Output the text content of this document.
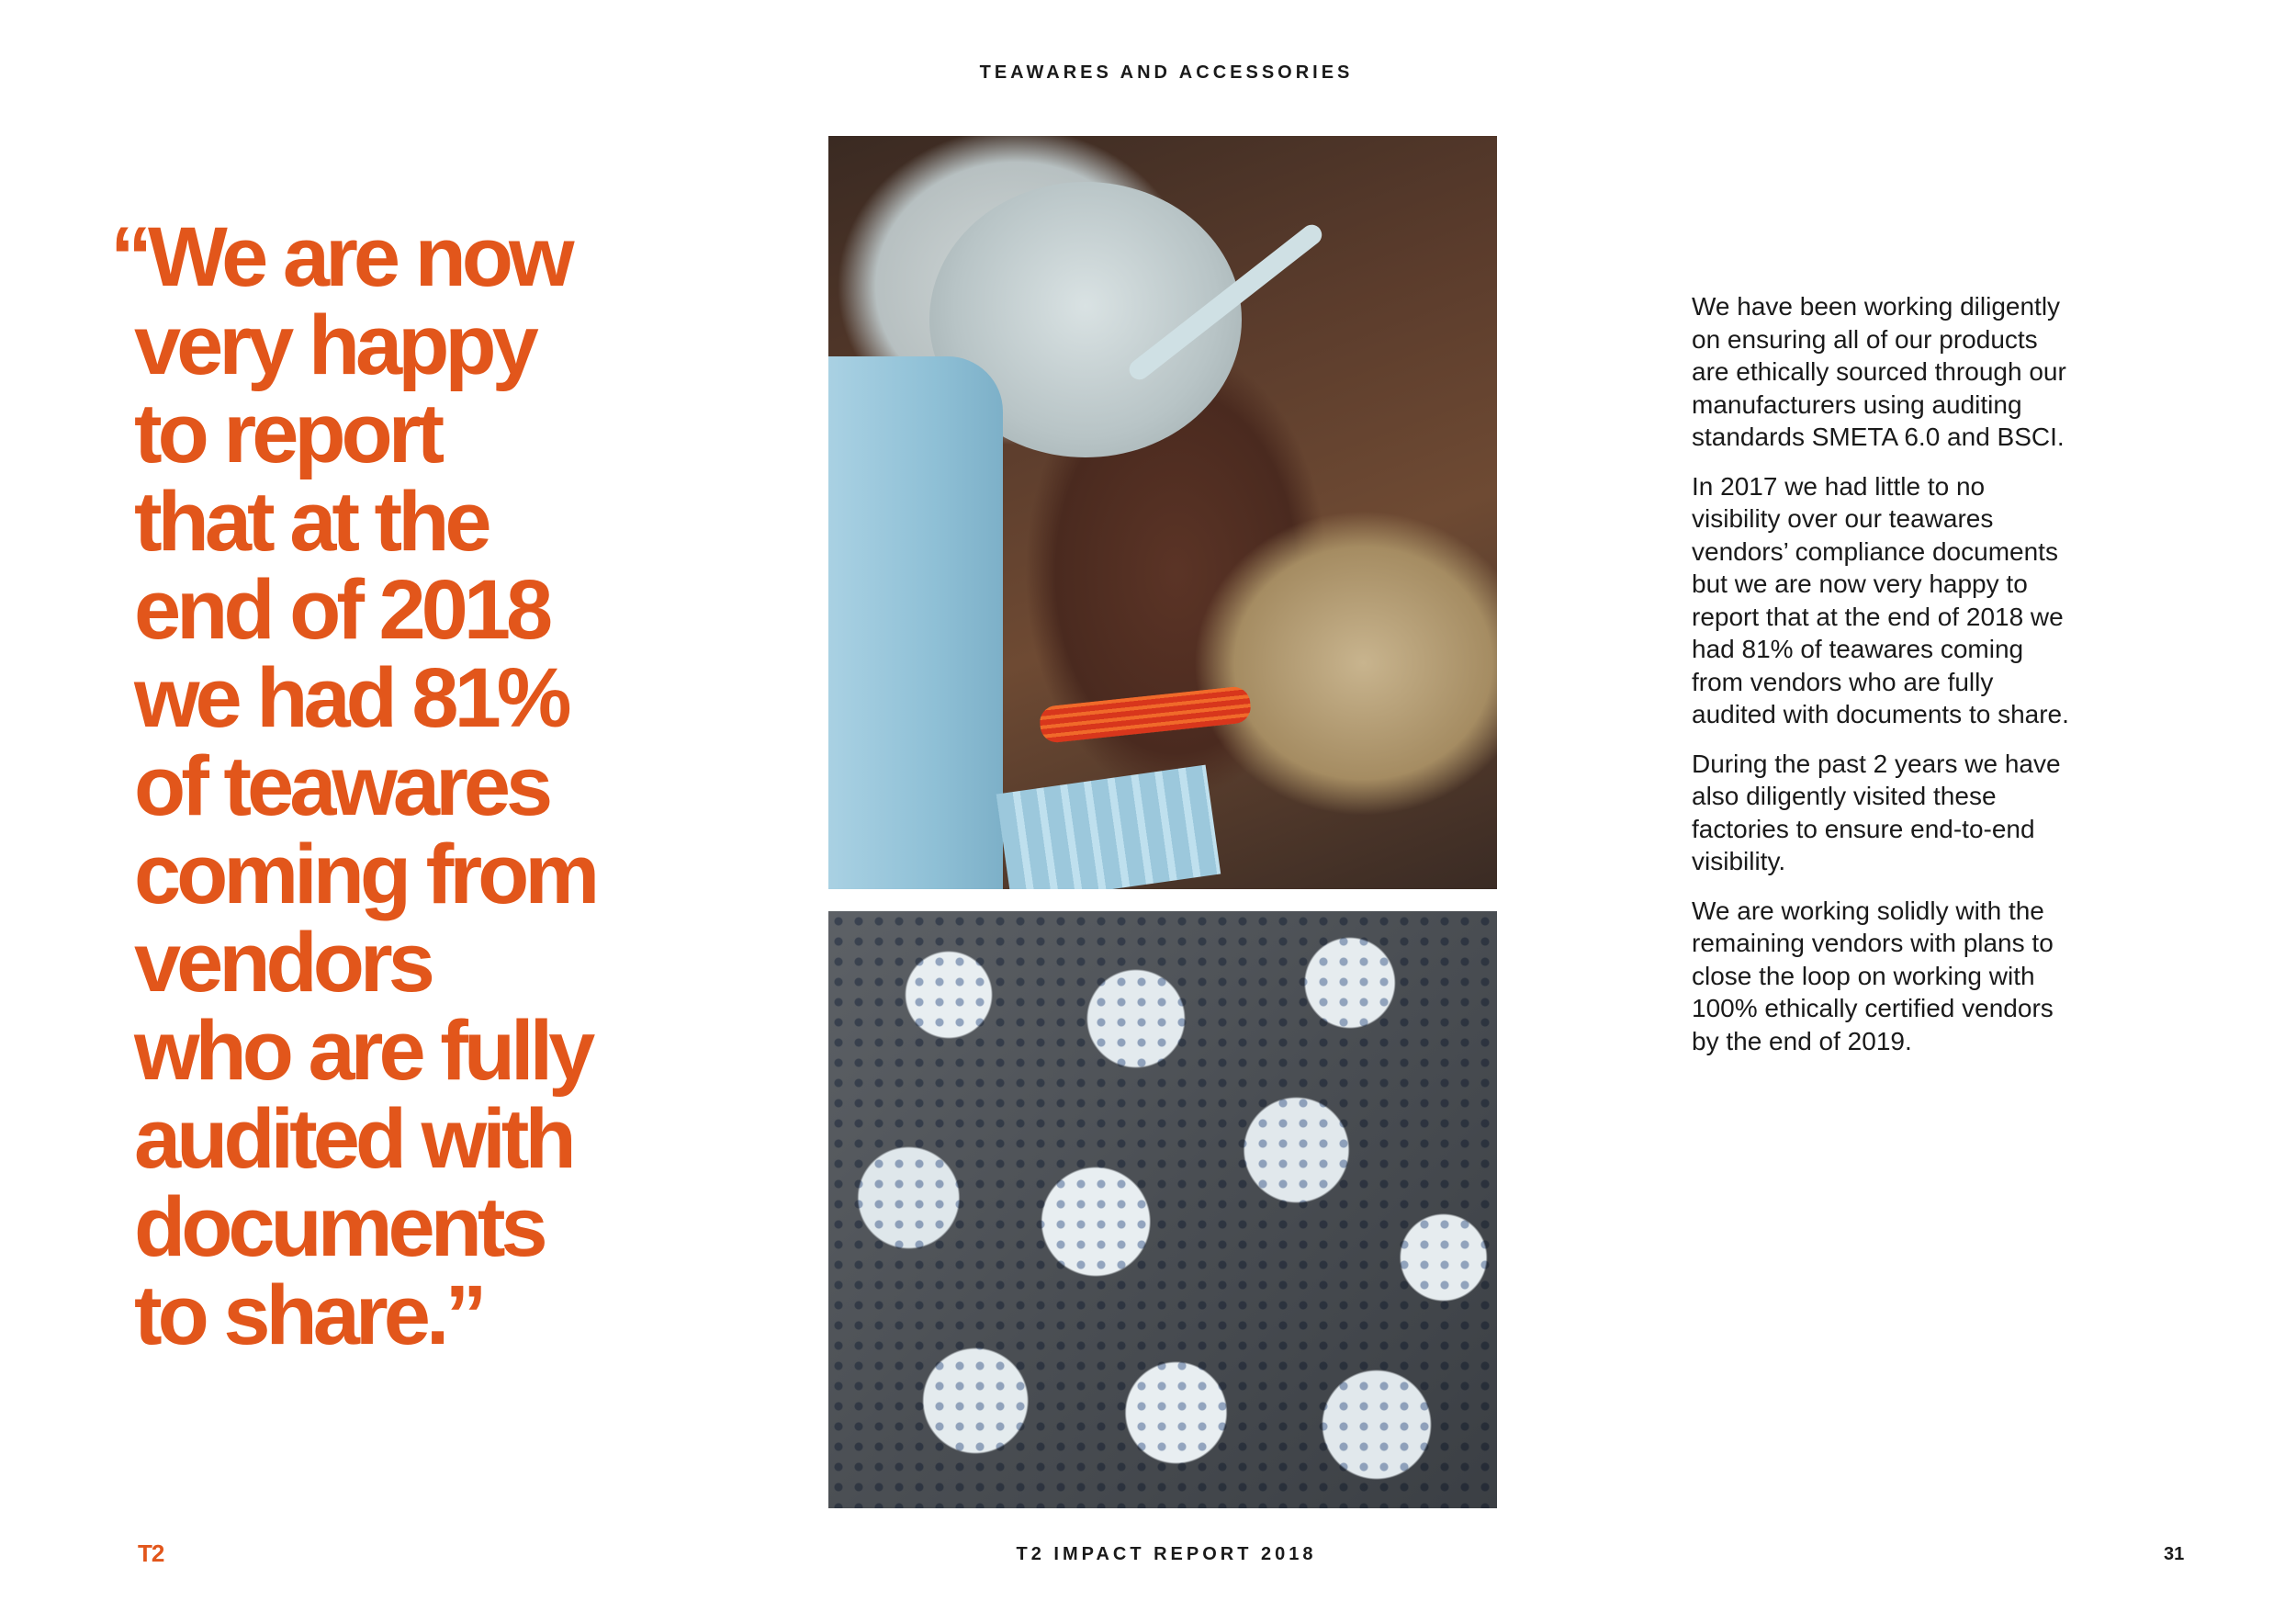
TEAWARES AND ACCESSORIES
“We are now
very happy
to report
that at the
end of 2018
we had 81%
of teawares
coming from
vendors
who are fully
audited with
documents
to share.”

We have been working diligently on ensuring all of our products are ethically sourced through our manufacturers using auditing standards SMETA 6.0 and BSCI.

In 2017 we had little to no visibility over our teawares vendors’ compliance documents but we are now very happy to report that at the end of 2018 we had 81% of teawares coming from vendors who are fully audited with documents to share.

During the past 2 years we have also diligently visited these factories to ensure end-to-end visibility.

We are working solidly with the remaining vendors with plans to close the loop on working with 100% ethically certified vendors by the end of 2019.

T2	T2 IMPACT REPORT 2018	31
